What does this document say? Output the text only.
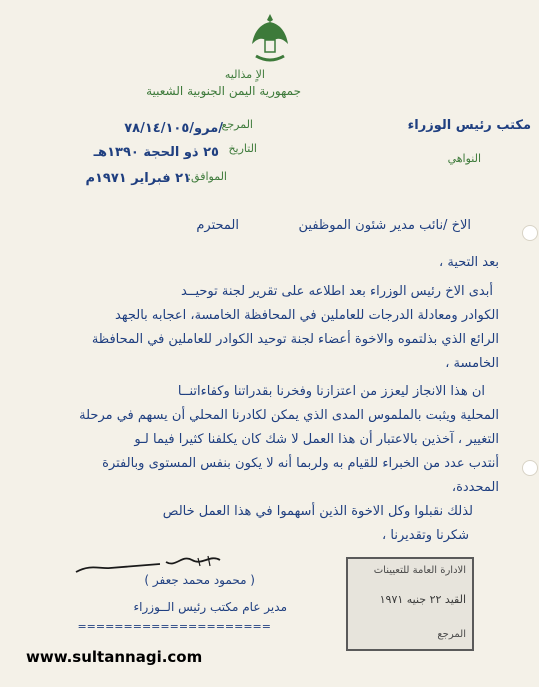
الاٍ مذاليه
جمهورية اليمن الجنوبية الشعبية
مكتب رئيس الوزراء
النواهي
المرجع
مرو/٧٨/١٤/١٠٥/
التاريخ
٢٥ ذو الحجة ١٣٩٠هـ
الموافق:
٢١ فبراير ١٩٧١م
الاخ /نائب مدير شئون الموظفين
المحترم
بعد التحية ،
أبدى الاخ رئيس الوزراء بعد اطلاعه على تقرير لجنة توحيــد
الكوادر ومعادلة الدرجات للعاملين في المحافظة الخامسة، اعجابه بالجهد
الرائع الذي بذلتموه والاخوة أعضاء لجنة توحيد الكوادر للعاملين في المحافظة
الخامسة ،
ان هذا الانجاز ليعزز من اعتزازنا وفخرنا بقدراتنا وكفاءاتنــا
المحلية ويثبت بالملموس المدى الذي يمكن لكادرنا المحلي أن يسهم في مرحلة
التغيير ، آخذين بالاعتبار أن هذا العمل لا شك كان يكلفنا كثيرا فيما لـو
أنتدب عدد من الخبراء للقيام به ولربما أنه لا يكون بنفس المستوى وبالفترة
المحددة،
لذلك نقبلوا وكل الاخوة الذين أسهموا في هذا العمل خالص
شكرنا وتقديرنا ،
( محمود محمد جعفر )
مدير عام مكتب رئيس الــوزراء
=====================
الادارة العامة للتعيينات
القيد ٢٢ جنيه ١٩٧١
المرجع
www.sultannagi.com
